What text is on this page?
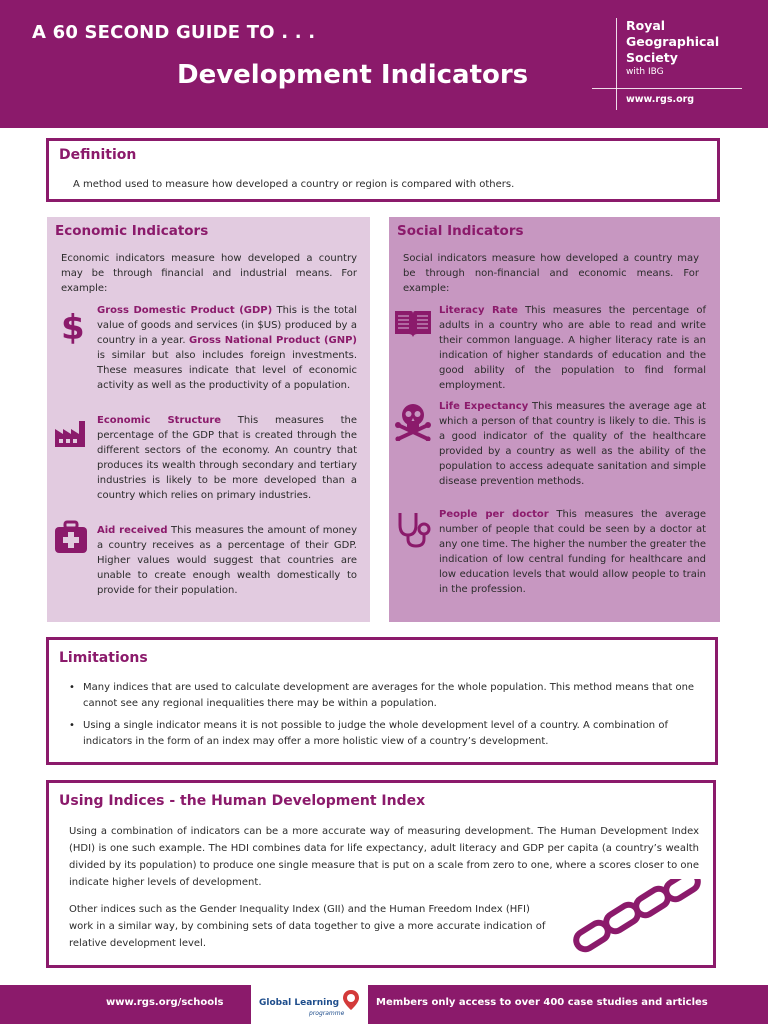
A 60 SECOND GUIDE TO . . .
Development Indicators
Royal
Geographical
Society
with IBG
www.rgs.org
Definition

A method used to measure how developed a country or region is compared with others.

Economic Indicators
Economic indicators measure how developed a country may be through financial and industrial means. For example:
$ Gross Domestic Product (GDP) This is the total value of goods and services (in $US) produced by a country in a year. Gross National Product (GNP) is similar but also includes foreign investments. These measures indicate that level of economic activity as well as the productivity of a population.
Economic Structure This measures the percentage of the GDP that is created through the different sectors of the economy. An country that produces its wealth through secondary and tertiary industries is likely to be more developed than a country which relies on primary industries.
Aid received This measures the amount of money a country receives as a percentage of their GDP. Higher values would suggest that countries are unable to create enough wealth domestically to provide for their population.
Social Indicators
Social indicators measure how developed a country may be through non-financial and economic means. For example:
Literacy Rate This measures the percentage of adults in a country who are able to read and write their common language. A higher literacy rate is an indication of higher standards of education and the good ability of the population to find formal employment.
Life Expectancy This measures the average age at which a person of that country is likely to die. This is a good indicator of the quality of the healthcare provided by a country as well as the ability of the population to access adequate sanitation and simple disease prevention methods.
People per doctor This measures the average number of people that could be seen by a doctor at any one time. The higher the number the greater the indication of low central funding for healthcare and low education levels that would allow people to train in the profession.
Limitations
• Many indices that are used to calculate development are averages for the whole population. This method means that one cannot see any regional inequalities there may be within a population.
• Using a single indicator means it is not possible to judge the whole development level of a country. A combination of indicators in the form of an index may offer a more holistic view of a country’s development.
Using Indices - the Human Development Index

Using a combination of indicators can be a more accurate way of measuring development. The Human Development Index (HDI) is one such example. The HDI combines data for life expectancy, adult literacy and GDP per capita (a country’s wealth divided by its population) to produce one single measure that is put on a scale from zero to one, where a scores closer to one indicate higher levels of development.

Other indices such as the Gender Inequality Index (GII) and the Human Freedom Index (HFI) work in a similar way, by combining sets of data together to give a more accurate indication of relative development level.

www.rgs.org/schools	Global Learning
programme
Members only access to over 400 case studies and articles
